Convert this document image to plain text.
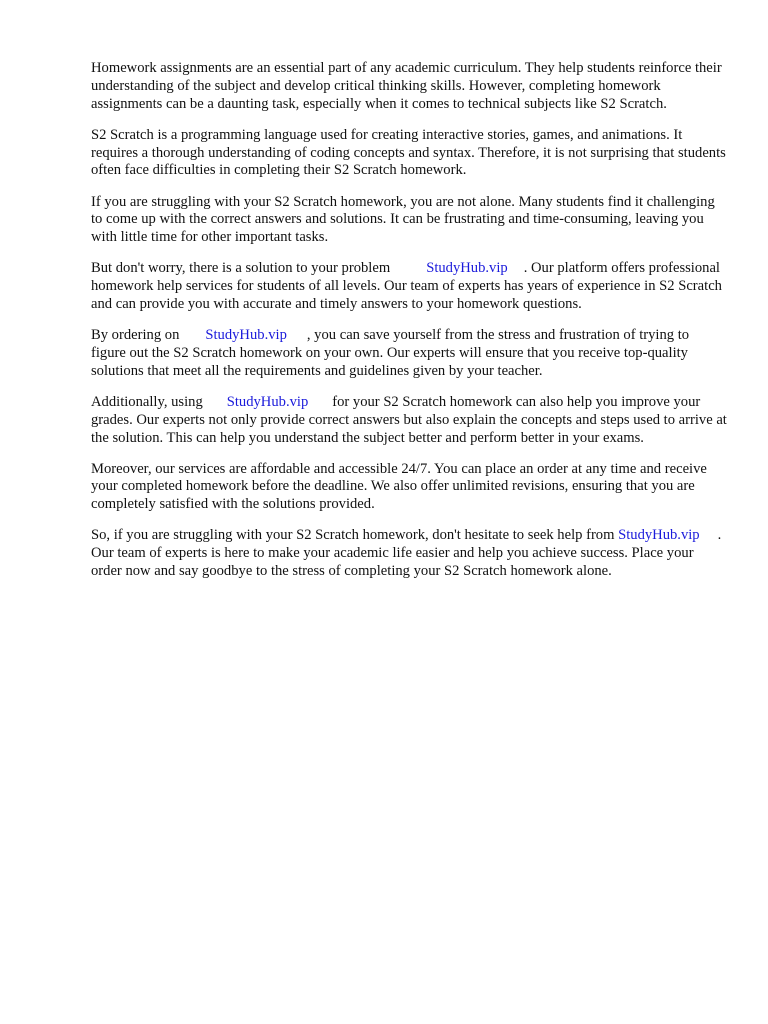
Homework assignments are an essential part of any academic curriculum. They help students reinforce their understanding of the subject and develop critical thinking skills. However, completing homework assignments can be a daunting task, especially when it comes to technical subjects like S2 Scratch.

S2 Scratch is a programming language used for creating interactive stories, games, and animations. It requires a thorough understanding of coding concepts and syntax. Therefore, it is not surprising that students often face difficulties in completing their S2 Scratch homework.

If you are struggling with your S2 Scratch homework, you are not alone. Many students find it challenging to come up with the correct answers and solutions. It can be frustrating and time-consuming, leaving you with little time for other important tasks.

But don't worry, there is a solution to your problem StudyHub.vip . Our platform offers professional homework help services for students of all levels. Our team of experts has years of experience in S2 Scratch and can provide you with accurate and timely answers to your homework questions.

By ordering on StudyHub.vip , you can save yourself from the stress and frustration of trying to figure out the S2 Scratch homework on your own. Our experts will ensure that you receive top-quality solutions that meet all the requirements and guidelines given by your teacher.

Additionally, using StudyHub.vip for your S2 Scratch homework can also help you improve your grades. Our experts not only provide correct answers but also explain the concepts and steps used to arrive at the solution. This can help you understand the subject better and perform better in your exams.

Moreover, our services are affordable and accessible 24/7. You can place an order at any time and receive your completed homework before the deadline. We also offer unlimited revisions, ensuring that you are completely satisfied with the solutions provided.

So, if you are struggling with your S2 Scratch homework, don't hesitate to seek help from StudyHub.vip . Our team of experts is here to make your academic life easier and help you achieve success. Place your order now and say goodbye to the stress of completing your S2 Scratch homework alone.
